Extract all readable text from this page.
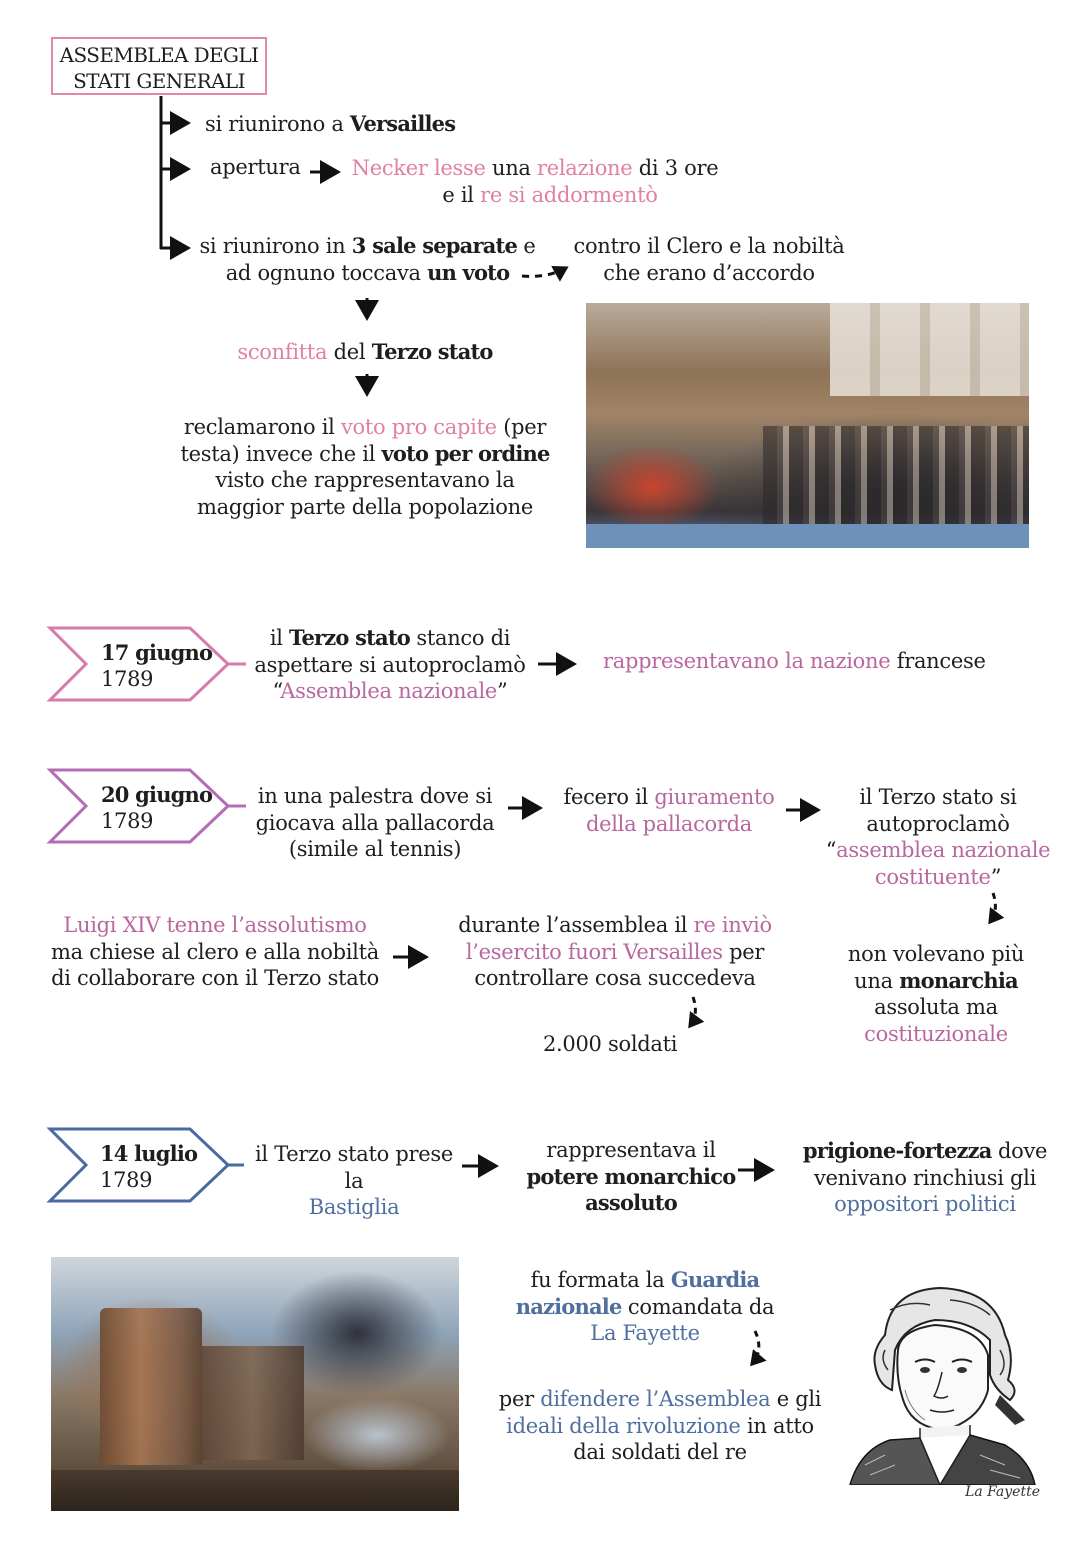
ASSEMBLEA DEGLI
STATI GENERALI
si riunirono a Versailles
apertura	Necker lesse una relazione di 3 ore
e il re si addormentò
si riunirono in 3 sale separate e
ad ognuno toccava un voto
contro il Clero e la nobiltà
che erano d’accordo
sconfitta del Terzo stato
reclamarono il voto pro capite (per
testa) invece che il voto per ordine
visto che rappresentavano la
maggior parte della popolazione
17 giugno
1789
il Terzo stato stanco di
aspettare si autoproclamò
“Assemblea nazionale”
rappresentavano la nazione francese
20 giugno
1789
in una palestra dove si
giocava alla pallacorda
(simile al tennis)
fecero il giuramento
della pallacorda
il Terzo stato si
autoproclamò
“assemblea nazionale
costituente”
Luigi XIV tenne l’assolutismo
ma chiese al clero e alla nobiltà
di collaborare con il Terzo stato
durante l’assemblea il re inviò
l’esercito fuori Versailles per
controllare cosa succedeva
2.000 soldati
non volevano più
una monarchia
assoluta ma
costituzionale
14 luglio
1789
il Terzo stato prese la
Bastiglia
rappresentava il
potere monarchico
assoluto
prigione-fortezza dove
venivano rinchiusi gli
oppositori politici
fu formata la Guardia
nazionale comandata da
La Fayette
per difendere l’Assemblea e gli
ideali della rivoluzione in atto
dai soldati del re
La Fayette
